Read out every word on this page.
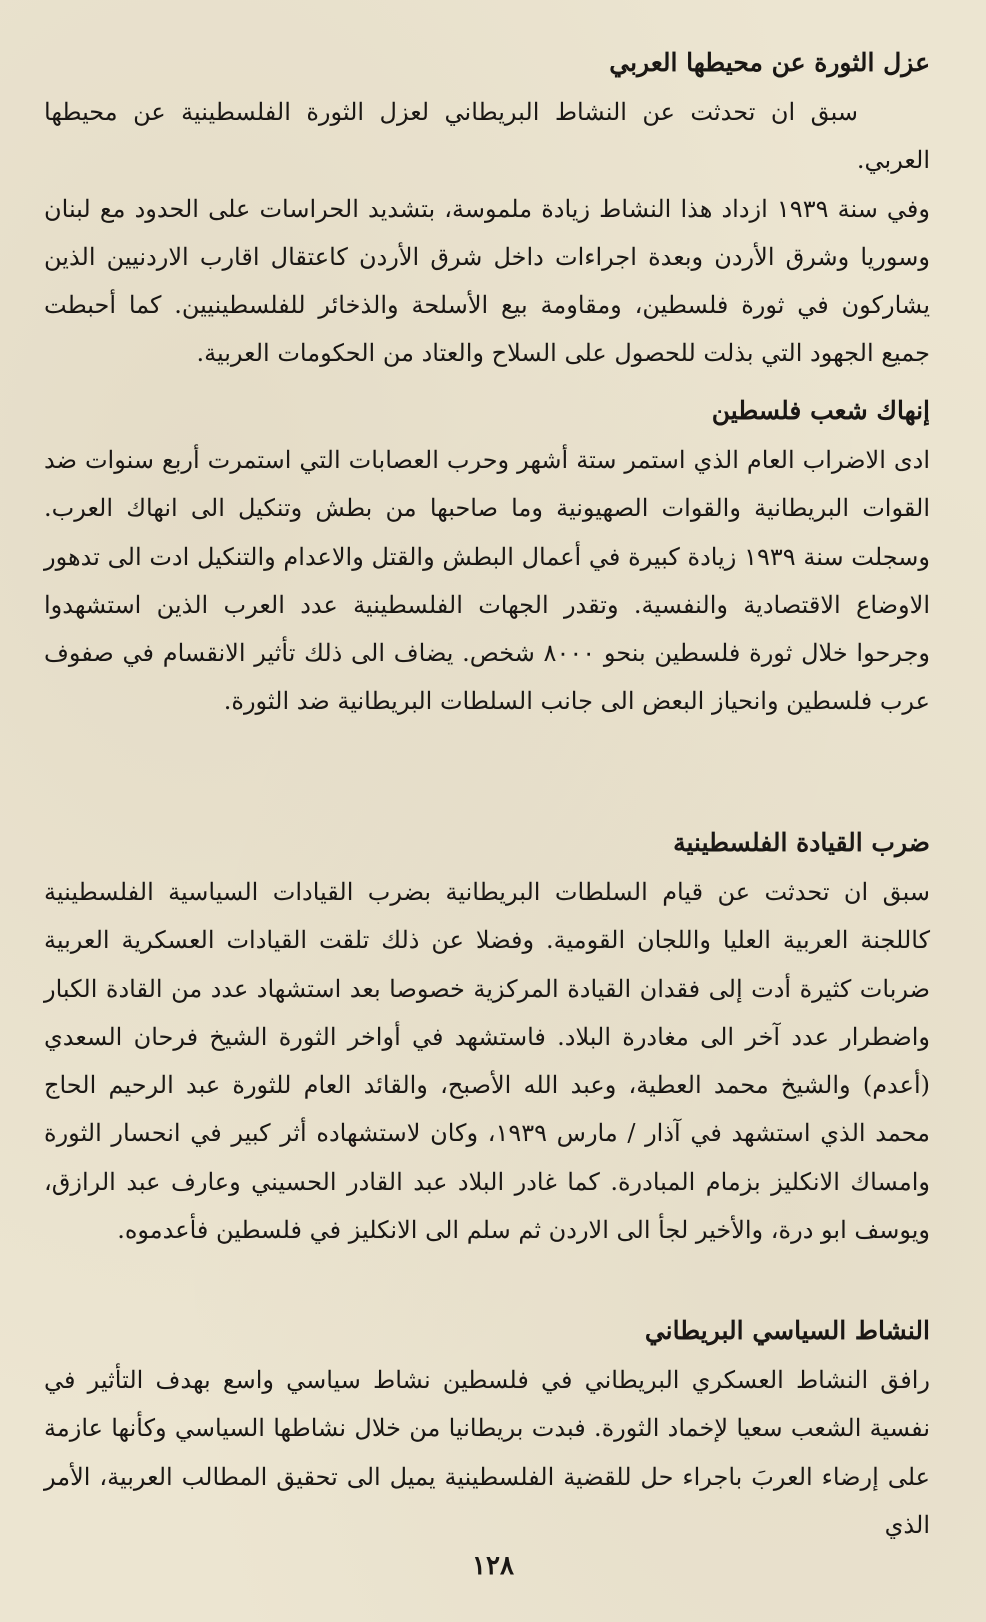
عزل الثورة عن محيطها العربي

سبق ان تحدثت عن النشاط البريطاني لعزل الثورة الفلسطينية عن محيطها العربي.

وفي سنة ١٩٣٩ ازداد هذا النشاط زيادة ملموسة، بتشديد الحراسات على الحدود مع لبنان وسوريا وشرق الأردن وبعدة اجراءات داخل شرق الأردن كاعتقال اقارب الاردنيين الذين يشاركون في ثورة فلسطين، ومقاومة بيع الأسلحة والذخائر للفلسطينيين. كما أحبطت جميع الجهود التي بذلت للحصول على السلاح والعتاد من الحكومات العربية.

إنهاك شعب فلسطين

ادى الاضراب العام الذي استمر ستة أشهر وحرب العصابات التي استمرت أربع سنوات ضد القوات البريطانية والقوات الصهيونية وما صاحبها من بطش وتنكيل الى انهاك العرب. وسجلت سنة ١٩٣٩ زيادة كبيرة في أعمال البطش والقتل والاعدام والتنكيل ادت الى تدهور الاوضاع الاقتصادية والنفسية. وتقدر الجهات الفلسطينية عدد العرب الذين استشهدوا وجرحوا خلال ثورة فلسطين بنحو ٨٠٠٠ شخص. يضاف الى ذلك تأثير الانقسام في صفوف عرب فلسطين وانحياز البعض الى جانب السلطات البريطانية ضد الثورة.

ضرب القيادة الفلسطينية

سبق ان تحدثت عن قيام السلطات البريطانية بضرب القيادات السياسية الفلسطينية كاللجنة العربية العليا واللجان القومية. وفضلا عن ذلك تلقت القيادات العسكرية العربية ضربات كثيرة أدت إلى فقدان القيادة المركزية خصوصا بعد استشهاد عدد من القادة الكبار واضطرار عدد آخر الى مغادرة البلاد. فاستشهد في أواخر الثورة الشيخ فرحان السعدي (أعدم) والشيخ محمد العطية، وعبد الله الأصبح، والقائد العام للثورة عبد الرحيم الحاج محمد الذي استشهد في آذار / مارس ١٩٣٩، وكان لاستشهاده أثر كبير في انحسار الثورة وامساك الانكليز بزمام المبادرة. كما غادر البلاد عبد القادر الحسيني وعارف عبد الرازق، ويوسف ابو درة، والأخير لجأ الى الاردن ثم سلم الى الانكليز في فلسطين فأعدموه.

النشاط السياسي البريطاني

رافق النشاط العسكري البريطاني في فلسطين نشاط سياسي واسع بهدف التأثير في نفسية الشعب سعيا لإخماد الثورة. فبدت بريطانيا من خلال نشاطها السياسي وكأنها عازمة على إرضاء العربَ باجراء حل للقضية الفلسطينية يميل الى تحقيق المطالب العربية، الأمر الذي

١٢٨
